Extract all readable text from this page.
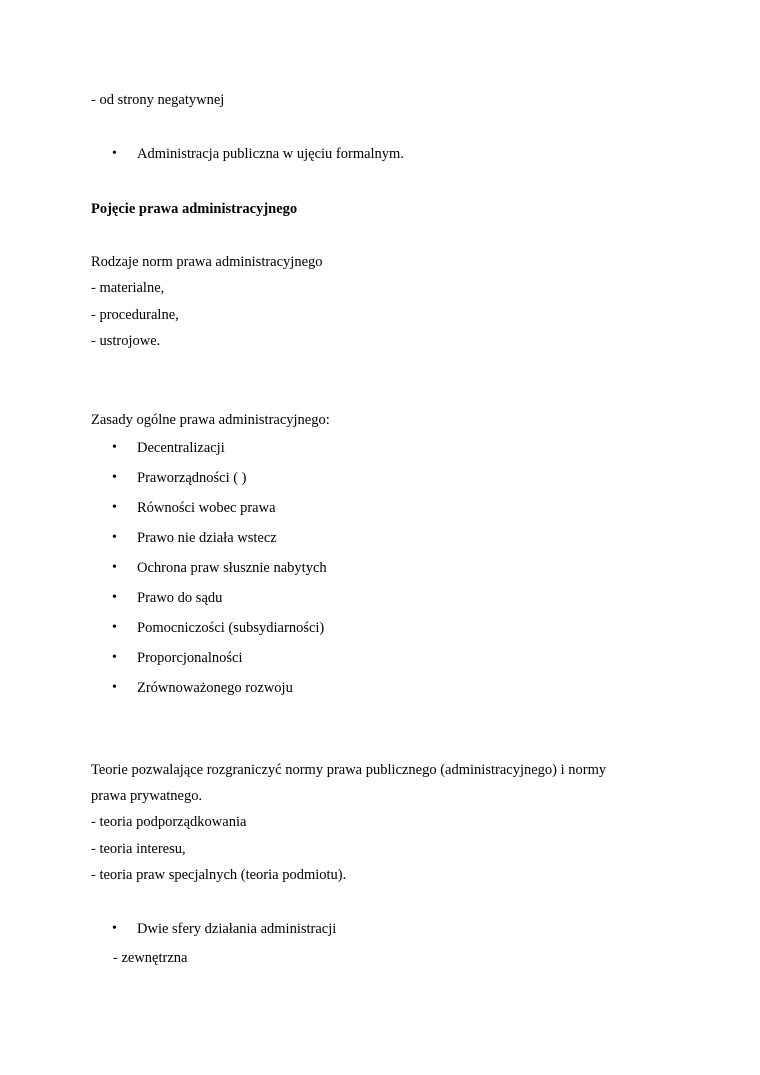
- od strony negatywnej
•
Administracja publiczna w ujęciu formalnym.
Pojęcie prawa administracyjnego
Rodzaje norm prawa administracyjnego
- materialne,
- proceduralne,
- ustrojowe.
Zasady ogólne prawa administracyjnego:
•
Decentralizacji
•
Praworządności ( )
•
Równości wobec prawa
•
Prawo nie działa wstecz
•
Ochrona praw słusznie nabytych
•
Prawo do sądu
•
Pomocniczości (subsydiarności)
•
Proporcjonalności
•
Zrównoważonego rozwoju
Teorie pozwalające rozgraniczyć normy prawa publicznego (administracyjnego) i normy
prawa prywatnego.
- teoria podporządkowania
- teoria interesu,
- teoria praw specjalnych (teoria podmiotu).
•
Dwie sfery działania administracji
- zewnętrzna
